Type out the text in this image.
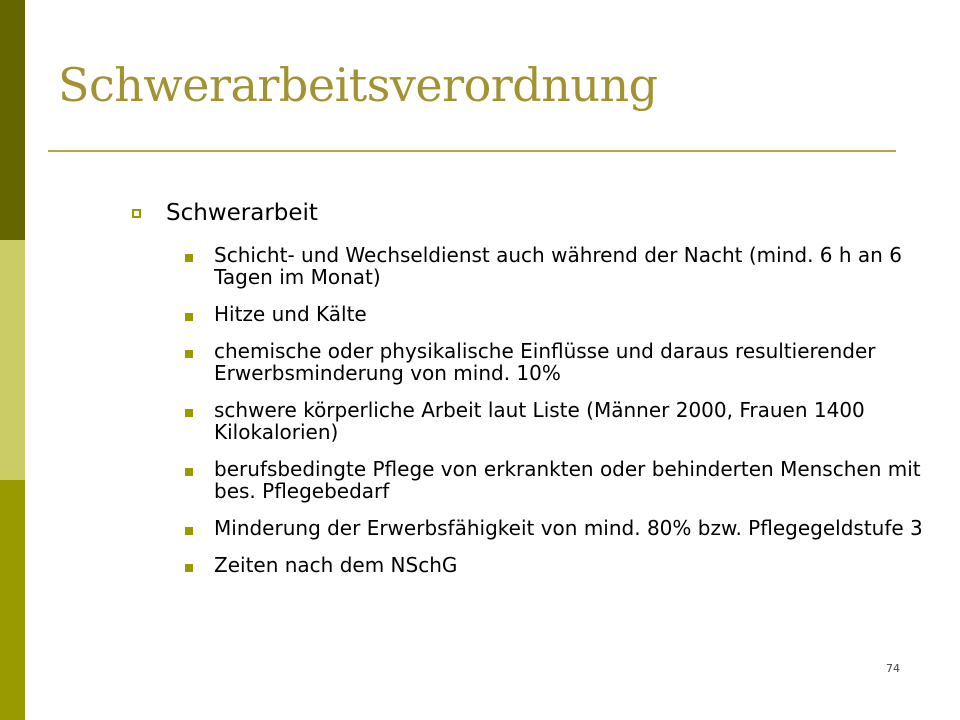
Schwerarbeitsverordnung
Schwerarbeit
Schicht- und Wechseldienst auch während der Nacht (mind. 6 h an 6 Tagen im Monat)
Hitze und Kälte
chemische oder physikalische Einflüsse und daraus resultierender Erwerbsminderung von mind. 10%
schwere körperliche Arbeit laut Liste (Männer 2000, Frauen 1400 Kilokalorien)
berufsbedingte Pflege von erkrankten oder behinderten Menschen mit bes. Pflegebedarf
Minderung der Erwerbsfähigkeit von mind. 80% bzw. Pflegegeldstufe 3
Zeiten nach dem NSchG
74
